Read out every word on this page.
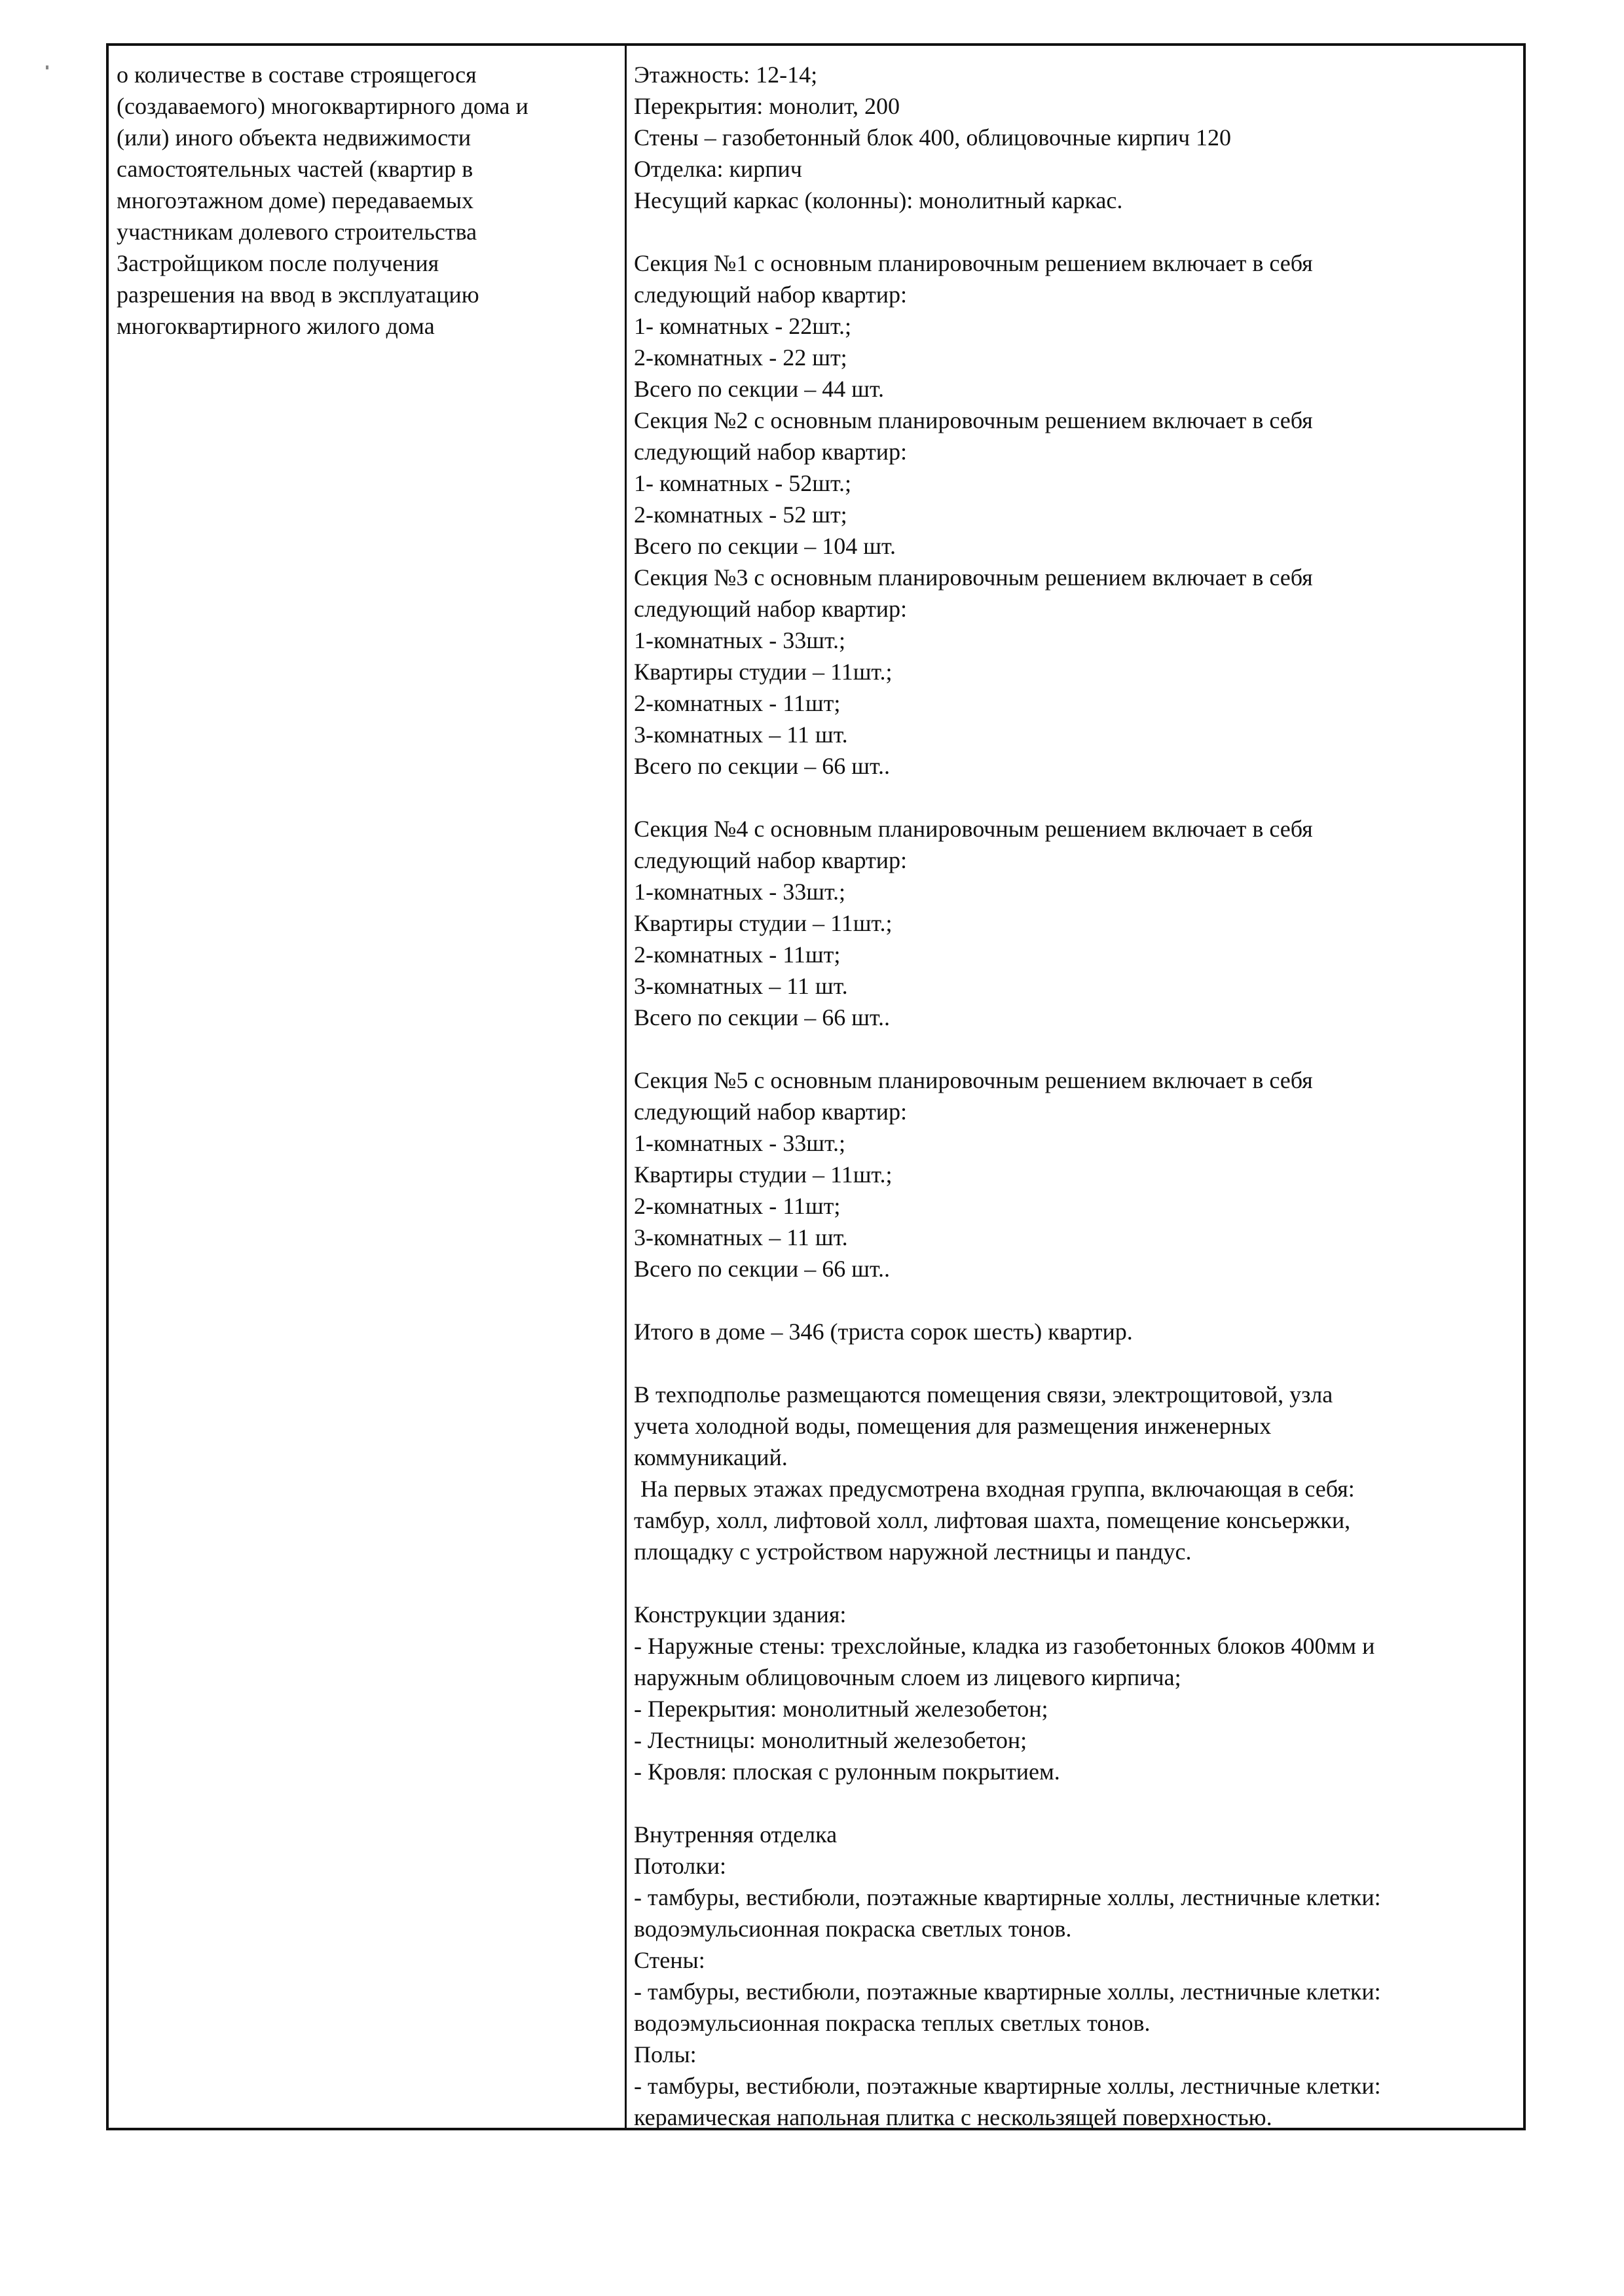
о количестве в составе строящегося
(создаваемого) многоквартирного дома и
(или) иного объекта недвижимости
самостоятельных частей (квартир в
многоэтажном доме) передаваемых
участникам долевого строительства
Застройщиком после получения
разрешения на ввод в эксплуатацию
многоквартирного жилого дома
Этажность: 12-14;
Перекрытия: монолит, 200
Стены – газобетонный блок 400, облицовочные кирпич 120
Отделка: кирпич
Несущий каркас (колонны): монолитный каркас.
Секция №1 с основным планировочным решением включает в себя
следующий набор квартир:
1- комнатных - 22шт.;
2-комнатных - 22 шт;
Всего по секции – 44 шт.
Секция №2 с основным планировочным решением включает в себя
следующий набор квартир:
1- комнатных - 52шт.;
2-комнатных - 52 шт;
Всего по секции – 104 шт.
Секция №3 с основным планировочным решением включает в себя
следующий набор квартир:
1-комнатных - 33шт.;
Квартиры студии – 11шт.;
2-комнатных - 11шт;
3-комнатных – 11 шт.
Всего по секции – 66 шт..
Секция №4 с основным планировочным решением включает в себя
следующий набор квартир:
1-комнатных - 33шт.;
Квартиры студии – 11шт.;
2-комнатных - 11шт;
3-комнатных – 11 шт.
Всего по секции – 66 шт..
Секция №5 с основным планировочным решением включает в себя
следующий набор квартир:
1-комнатных - 33шт.;
Квартиры студии – 11шт.;
2-комнатных - 11шт;
3-комнатных – 11 шт.
Всего по секции – 66 шт..
Итого в доме – 346 (триста сорок шесть) квартир.
В техподполье размещаются помещения связи, электрощитовой, узла
учета холодной воды, помещения для размещения инженерных
коммуникаций.
На первых этажах предусмотрена входная группа, включающая в себя:
тамбур, холл, лифтовой холл, лифтовая шахта, помещение консьержки,
площадку с устройством наружной лестницы и пандус.
Конструкции здания:
- Наружные стены: трехслойные, кладка из газобетонных блоков 400мм и
наружным облицовочным слоем из лицевого кирпича;
- Перекрытия: монолитный железобетон;
- Лестницы: монолитный железобетон;
- Кровля: плоская с рулонным покрытием.
Внутренняя отделка
Потолки:
- тамбуры, вестибюли, поэтажные квартирные холлы, лестничные клетки:
водоэмульсионная покраска светлых тонов.
Стены:
- тамбуры, вестибюли, поэтажные квартирные холлы, лестничные клетки:
водоэмульсионная покраска теплых светлых тонов.
Полы:
- тамбуры, вестибюли, поэтажные квартирные холлы, лестничные клетки:
керамическая напольная плитка с нескользящей поверхностью.
